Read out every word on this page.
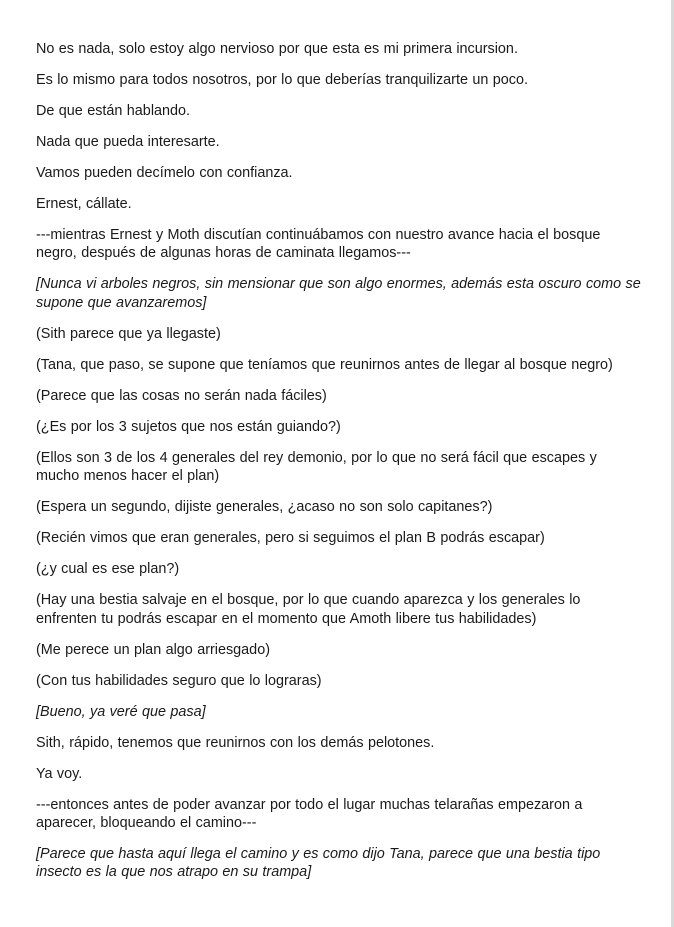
No es nada, solo estoy algo nervioso por que esta es mi primera incursion.

Es lo mismo para todos nosotros, por lo que deberías tranquilizarte un poco.

De que están hablando.

Nada que pueda interesarte.

Vamos pueden decímelo con confianza.

Ernest, cállate.

---mientras Ernest y Moth discutían continuábamos con nuestro avance hacia el bosque negro, después de algunas horas de caminata llegamos---

[Nunca vi arboles negros, sin mensionar que son algo enormes, además esta oscuro como se supone que avanzaremos]

(Sith parece que ya llegaste)

(Tana, que paso, se supone que teníamos que reunirnos antes de llegar al bosque negro)

(Parece que las cosas no serán nada fáciles)

(¿Es por los 3 sujetos que nos están guiando?)

(Ellos son 3 de los 4 generales del rey demonio, por lo que no será fácil que escapes y mucho menos hacer el plan)

(Espera un segundo, dijiste generales, ¿acaso no son solo capitanes?)

(Recién vimos que eran generales, pero si seguimos el plan B podrás escapar)

(¿y cual es ese plan?)

(Hay una bestia salvaje en el bosque, por lo que cuando aparezca y los generales lo enfrenten tu podrás escapar en el momento que Amoth libere tus habilidades)

(Me perece un plan algo arriesgado)

(Con tus habilidades seguro que lo lograras)

[Bueno, ya veré que pasa]

Sith, rápido, tenemos que reunirnos con los demás pelotones.

Ya voy.

---entonces antes de poder avanzar por todo el lugar muchas telarañas empezaron a aparecer, bloqueando el camino---

[Parece que hasta aquí llega el camino y es como dijo Tana, parece que una bestia tipo insecto es la que nos atrapo en su trampa]
